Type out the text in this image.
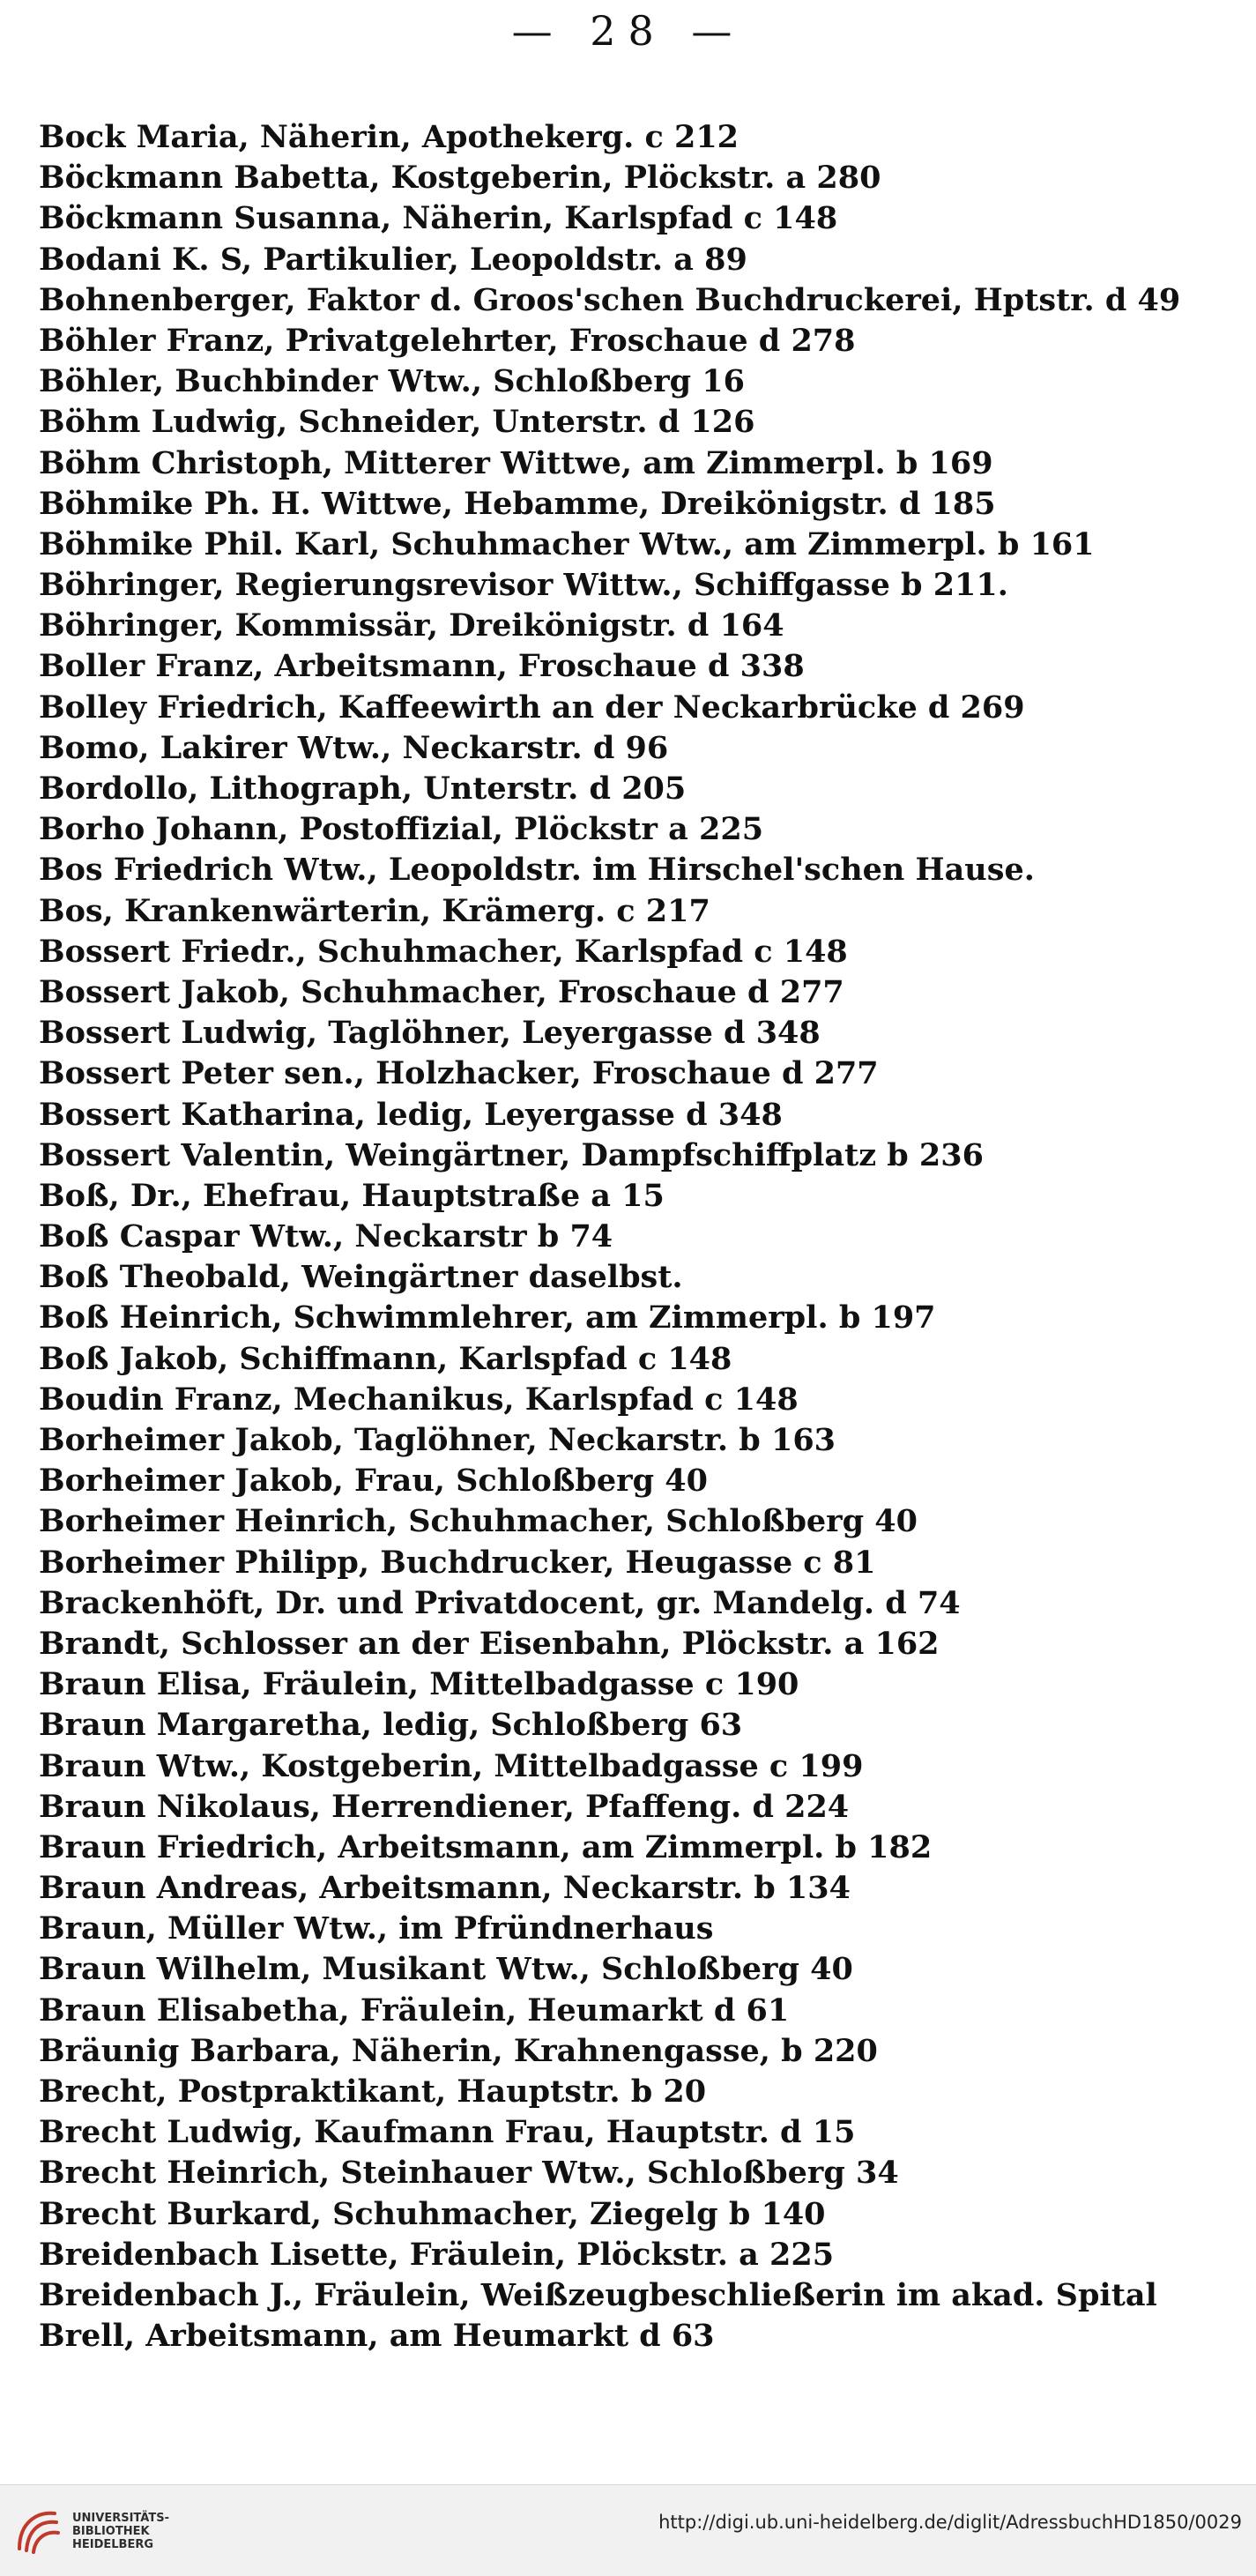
— 28 —
Bock Maria, Näherin, Apothekerg. c 212
Böckmann Babetta, Kostgeberin, Plöckstr. a 280
Böckmann Susanna, Näherin, Karlspfad c 148
Bodani K. S, Partikulier, Leopoldstr. a 89
Bohnenberger, Faktor d. Groos'schen Buchdruckerei, Hptstr. d 49
Böhler Franz, Privatgelehrter, Froschaue d 278
Böhler, Buchbinder Wtw., Schloßberg 16
Böhm Ludwig, Schneider, Unterstr. d 126
Böhm Christoph, Mitterer Wittwe, am Zimmerpl. b 169
Böhmike Ph. H. Wittwe, Hebamme, Dreikönigstr. d 185
Böhmike Phil. Karl, Schuhmacher Wtw., am Zimmerpl. b 161
Böhringer, Regierungsrevisor Wittw., Schiffgasse b 211.
Böhringer, Kommissär, Dreikönigstr. d 164
Boller Franz, Arbeitsmann, Froschaue d 338
Bolley Friedrich, Kaffeewirth an der Neckarbrücke d 269
Bomo, Lakirer Wtw., Neckarstr. d 96
Bordollo, Lithograph, Unterstr. d 205
Borho Johann, Postoffizial, Plöckstr a 225
Bos Friedrich Wtw., Leopoldstr. im Hirschel'schen Hause.
Bos, Krankenwärterin, Krämerg. c 217
Bossert Friedr., Schuhmacher, Karlspfad c 148
Bossert Jakob, Schuhmacher, Froschaue d 277
Bossert Ludwig, Taglöhner, Leyergasse d 348
Bossert Peter sen., Holzhacker, Froschaue d 277
Bossert Katharina, ledig, Leyergasse d 348
Bossert Valentin, Weingärtner, Dampfschiffplatz b 236
Boß, Dr., Ehefrau, Hauptstraße a 15
Boß Caspar Wtw., Neckarstr b 74
Boß Theobald, Weingärtner daselbst.
Boß Heinrich, Schwimmlehrer, am Zimmerpl. b 197
Boß Jakob, Schiffmann, Karlspfad c 148
Boudin Franz, Mechanikus, Karlspfad c 148
Borheimer Jakob, Taglöhner, Neckarstr. b 163
Borheimer Jakob, Frau, Schloßberg 40
Borheimer Heinrich, Schuhmacher, Schloßberg 40
Borheimer Philipp, Buchdrucker, Heugasse c 81
Brackenhöft, Dr. und Privatdocent, gr. Mandelg. d 74
Brandt, Schlosser an der Eisenbahn, Plöckstr. a 162
Braun Elisa, Fräulein, Mittelbadgasse c 190
Braun Margaretha, ledig, Schloßberg 63
Braun Wtw., Kostgeberin, Mittelbadgasse c 199
Braun Nikolaus, Herrendiener, Pfaffeng. d 224
Braun Friedrich, Arbeitsmann, am Zimmerpl. b 182
Braun Andreas, Arbeitsmann, Neckarstr. b 134
Braun, Müller Wtw., im Pfründnerhaus
Braun Wilhelm, Musikant Wtw., Schloßberg 40
Braun Elisabetha, Fräulein, Heumarkt d 61
Bräunig Barbara, Näherin, Krahnengasse, b 220
Brecht, Postpraktikant, Hauptstr. b 20
Brecht Ludwig, Kaufmann Frau, Hauptstr. d 15
Brecht Heinrich, Steinhauer Wtw., Schloßberg 34
Brecht Burkard, Schuhmacher, Ziegelg b 140
Breidenbach Lisette, Fräulein, Plöckstr. a 225
Breidenbach J., Fräulein, Weißzeugbeschließerin im akad. Spital
Brell, Arbeitsmann, am Heumarkt d 63
UNIVERSITÄTS-
BIBLIOTHEK
HEIDELBERG
http://digi.ub.uni-heidelberg.de/diglit/AdressbuchHD1850/0029
